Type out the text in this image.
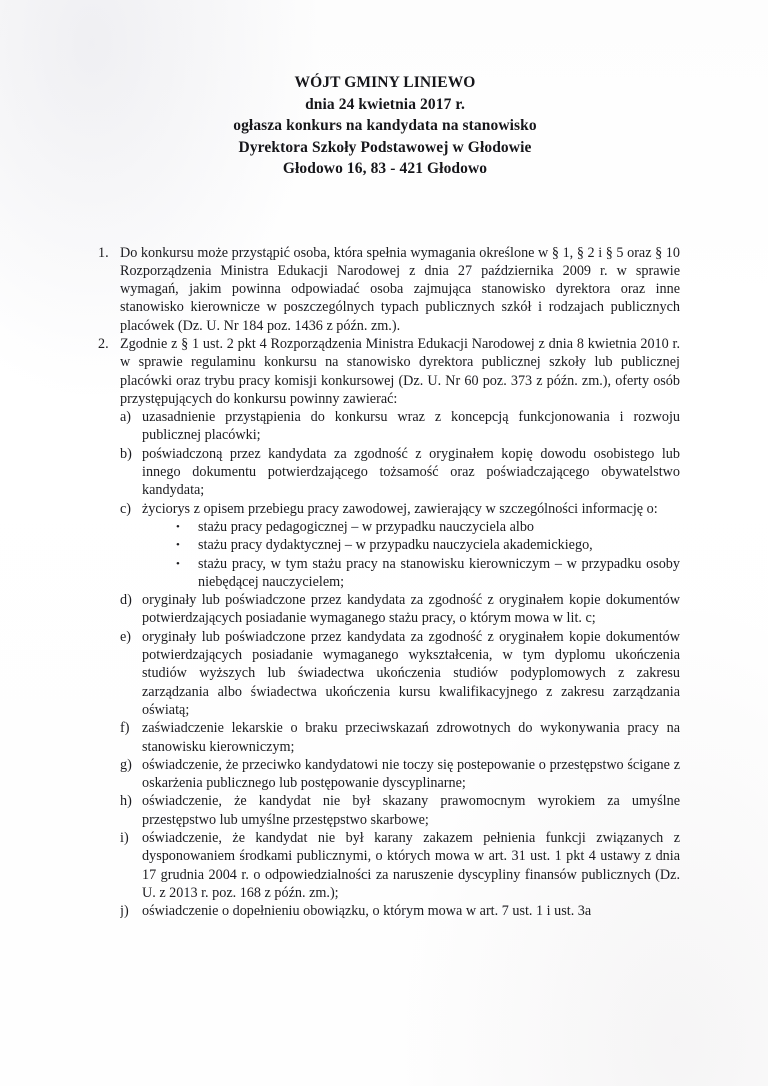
WÓJT GMINY LINIEWO
dnia 24 kwietnia 2017 r.
ogłasza konkurs na kandydata na stanowisko
Dyrektora Szkoły Podstawowej w Głodowie
Głodowo 16, 83 - 421 Głodowo
1. Do konkursu może przystąpić osoba, która spełnia wymagania określone w § 1, § 2 i § 5 oraz § 10 Rozporządzenia Ministra Edukacji Narodowej z dnia 27 października 2009 r. w sprawie wymagań, jakim powinna odpowiadać osoba zajmująca stanowisko dyrektora oraz inne stanowisko kierownicze w poszczególnych typach publicznych szkół i rodzajach publicznych placówek (Dz. U. Nr 184 poz. 1436 z późn. zm.).

2. Zgodnie z § 1 ust. 2 pkt 4 Rozporządzenia Ministra Edukacji Narodowej z dnia 8 kwietnia 2010 r. w sprawie regulaminu konkursu na stanowisko dyrektora publicznej szkoły lub publicznej placówki oraz trybu pracy komisji konkursowej (Dz. U. Nr 60 poz. 373 z późn. zm.), oferty osób przystępujących do konkursu powinny zawierać:

a) uzasadnienie przystąpienia do konkursu wraz z koncepcją funkcjonowania i rozwoju publicznej placówki;

b) poświadczoną przez kandydata za zgodność z oryginałem kopię dowodu osobistego lub innego dokumentu potwierdzającego tożsamość oraz poświadczającego obywatelstwo kandydata;

c) życiorys z opisem przebiegu pracy zawodowej, zawierający w szczególności informację o:

•	stażu pracy pedagogicznej – w przypadku nauczyciela albo

•	stażu pracy dydaktycznej – w przypadku nauczyciela akademickiego,

•	stażu pracy, w tym stażu pracy na stanowisku kierowniczym – w przypadku osoby niebędącej nauczycielem;

d) oryginały lub poświadczone przez kandydata za zgodność z oryginałem kopie dokumentów potwierdzających posiadanie wymaganego stażu pracy, o którym mowa w lit. c;

e) oryginały lub poświadczone przez kandydata za zgodność z oryginałem kopie dokumentów potwierdzających posiadanie wymaganego wykształcenia, w tym dyplomu ukończenia studiów wyższych lub świadectwa ukończenia studiów podyplomowych z zakresu zarządzania albo świadectwa ukończenia kursu kwalifikacyjnego z zakresu zarządzania oświatą;

f) zaświadczenie lekarskie o braku przeciwskazań zdrowotnych do wykonywania pracy na stanowisku kierowniczym;

g) oświadczenie, że przeciwko kandydatowi nie toczy się postepowanie o przestępstwo ścigane z oskarżenia publicznego lub postępowanie dyscyplinarne;

h) oświadczenie, że kandydat nie był skazany prawomocnym wyrokiem za umyślne przestępstwo lub umyślne przestępstwo skarbowe;

i) oświadczenie, że kandydat nie był karany zakazem pełnienia funkcji związanych z dysponowaniem środkami publicznymi, o których mowa w art. 31 ust. 1 pkt 4 ustawy z dnia 17 grudnia 2004 r. o odpowiedzialności za naruszenie dyscypliny finansów publicznych (Dz. U. z 2013 r. poz. 168 z późn. zm.);

j) oświadczenie o dopełnieniu obowiązku, o którym mowa w art. 7 ust. 1 i ust. 3a
